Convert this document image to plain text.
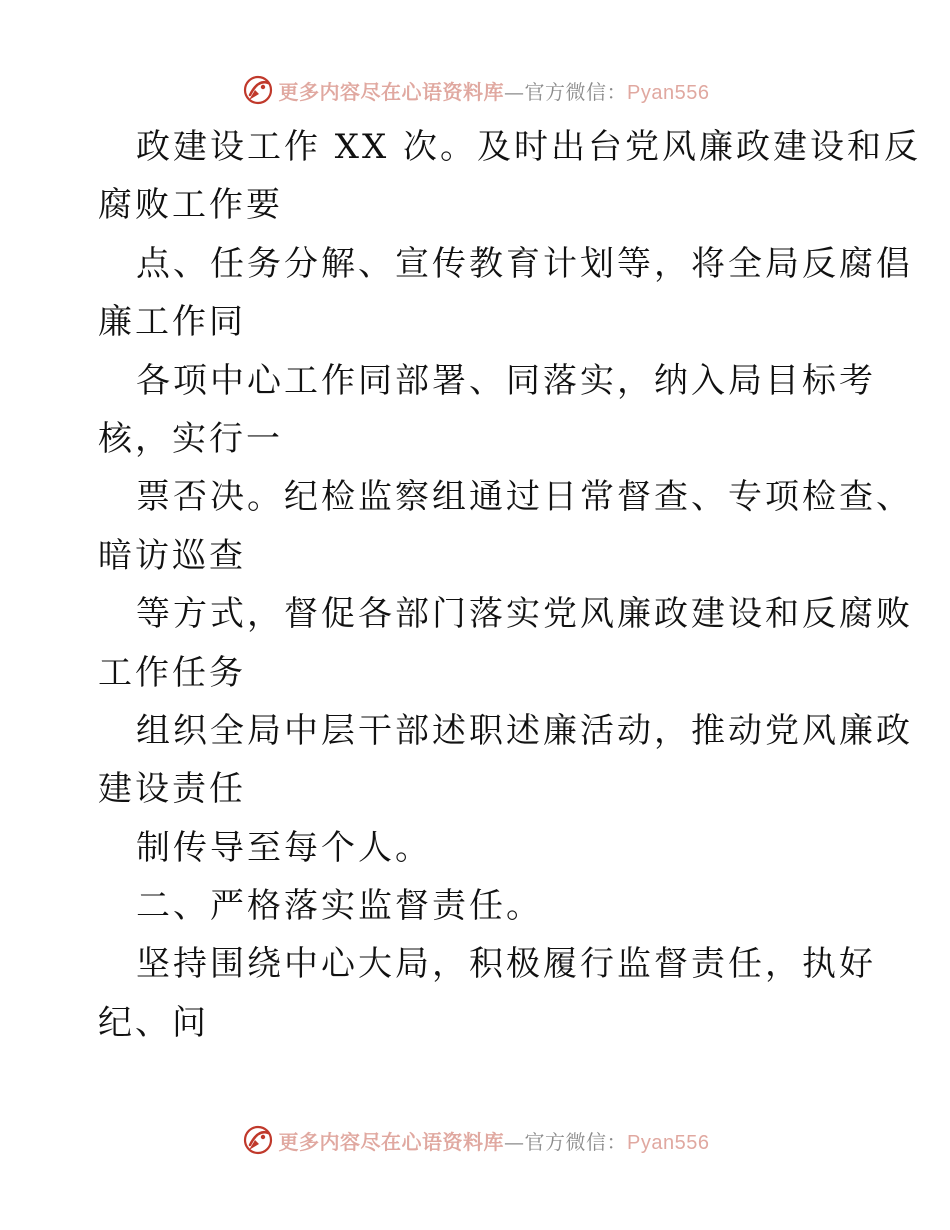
更多内容尽在心语资料库—官方微信：Pyan556
政建设工作 XX 次。及时出台党风廉政建设和反
腐败工作要
点、任务分解、宣传教育计划等，将全局反腐倡
廉工作同
各项中心工作同部署、同落实，纳入局目标考
核，实行一
票否决。纪检监察组通过日常督查、专项检查、
暗访巡查
等方式，督促各部门落实党风廉政建设和反腐败
工作任务
组织全局中层干部述职述廉活动，推动党风廉政
建设责任
制传导至每个人。
二、严格落实监督责任。
坚持围绕中心大局，积极履行监督责任，执好
纪、问
更多内容尽在心语资料库—官方微信：Pyan556
